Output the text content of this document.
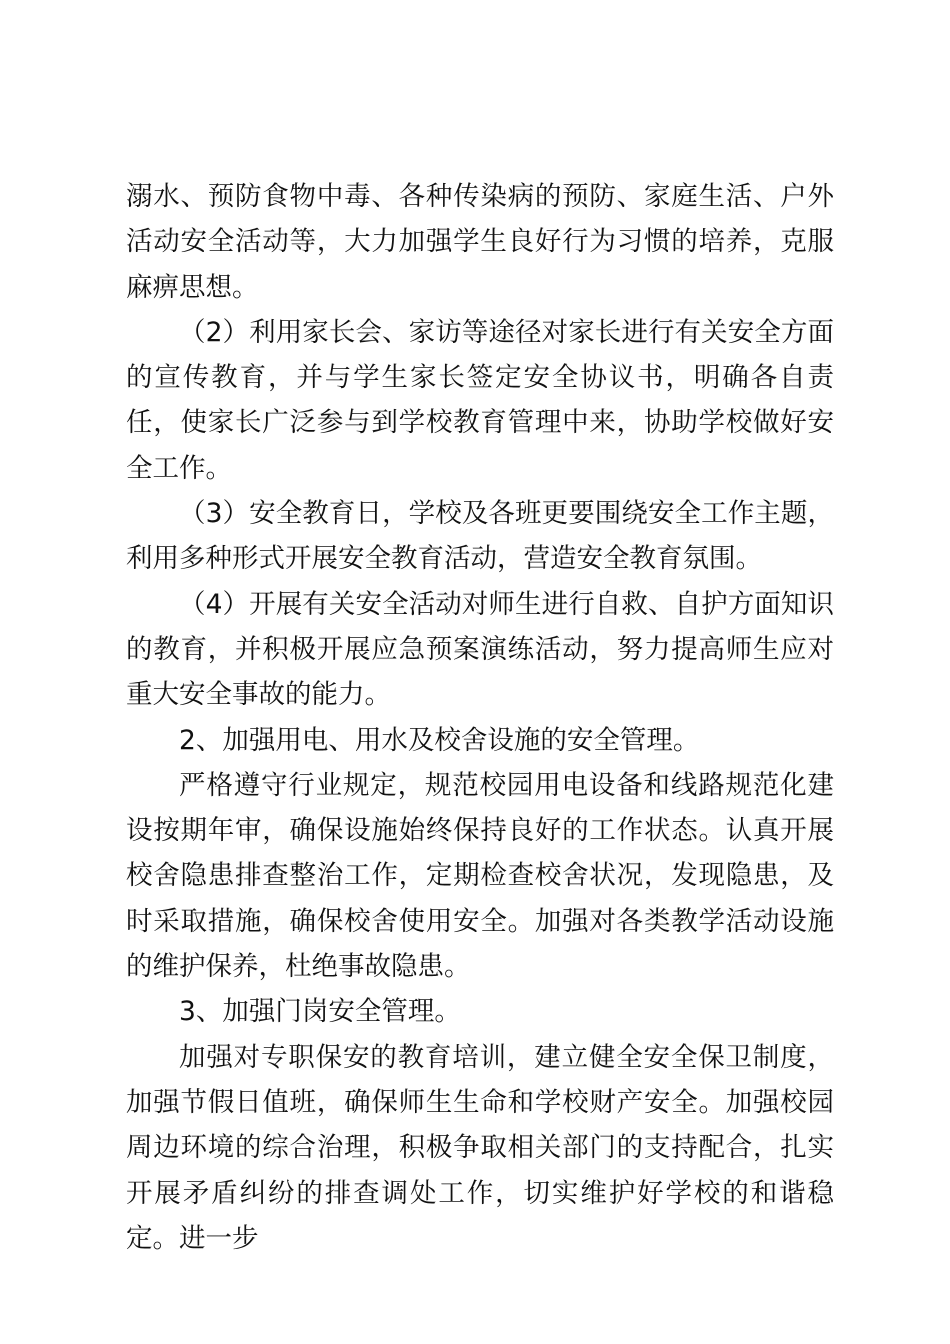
溺水、预防食物中毒、各种传染病的预防、家庭生活、户外活动安全活动等，大力加强学生良好行为习惯的培养，克服麻痹思想。

（2）利用家长会、家访等途径对家长进行有关安全方面的宣传教育，并与学生家长签定安全协议书，明确各自责任，使家长广泛参与到学校教育管理中来，协助学校做好安全工作。

（3）安全教育日，学校及各班更要围绕安全工作主题，利用多种形式开展安全教育活动，营造安全教育氛围。

（4）开展有关安全活动对师生进行自救、自护方面知识的教育，并积极开展应急预案演练活动，努力提高师生应对重大安全事故的能力。

2、加强用电、用水及校舍设施的安全管理。

严格遵守行业规定，规范校园用电设备和线路规范化建设按期年审，确保设施始终保持良好的工作状态。认真开展校舍隐患排查整治工作，定期检查校舍状况，发现隐患，及时采取措施，确保校舍使用安全。加强对各类教学活动设施的维护保养，杜绝事故隐患。

3、加强门岗安全管理。

加强对专职保安的教育培训，建立健全安全保卫制度，加强节假日值班，确保师生生命和学校财产安全。加强校园周边环境的综合治理，积极争取相关部门的支持配合，扎实开展矛盾纠纷的排查调处工作，切实维护好学校的和谐稳定。进一步
